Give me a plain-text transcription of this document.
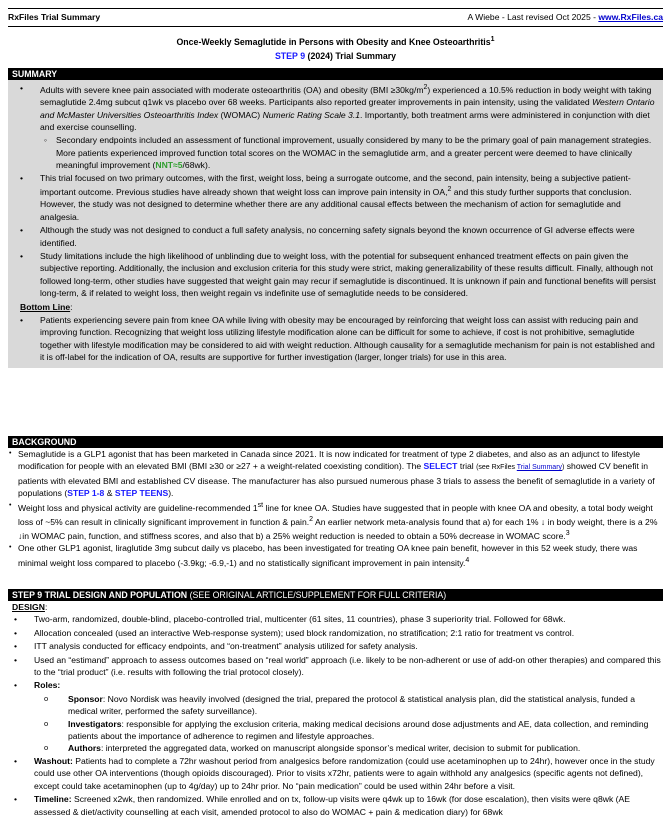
RxFiles Trial Summary	A Wiebe - Last revised Oct 2025 - www.RxFiles.ca
Once-Weekly Semaglutide in Persons with Obesity and Knee Osteoarthritis$^1$
STEP 9 (2024) Trial Summary
SUMMARY
• Adults with severe knee pain associated with moderate osteoarthritis (OA) and obesity $(BMI \ge 30kg/m^2)$ experienced a 10.5% reduction in body weight with taking semaglutide 2.4mg subcut q1wk vs placebo over 68 weeks. Participants also reported greater improvements in pain intensity, using the validated Western Ontario and McMaster Universities Osteoarthritis Index (WOMAC) Numeric Rating Scale 3.1. Importantly, both treatment arms were administered in conjunction with diet and exercise counselling.
◦ Secondary endpoints included an assessment of functional improvement, usually considered by many to be the primary goal of pain management strategies. More patients experienced improved function total scores on the WOMAC in the semaglutide arm, and a greater percent were deemed to have clinically meaningful improvement (NNT≈5/68wk).
• This trial focused on two primary outcomes, with the first, weight loss, being a surrogate outcome, and the second, pain intensity, being a subjective patient-important outcome. Previous studies have already shown that weight loss can improve pain intensity in OA,$^2$ and this study further supports that conclusion. However, the study was not designed to determine whether there are any additional causal effects between the mechanism of action for semaglutide and analgesia.
• Although the study was not designed to conduct a full safety analysis, no concerning safety signals beyond the known occurrence of GI adverse effects were identified.
• Study limitations include the high likelihood of unblinding due to weight loss, with the potential for subsequent enhanced treatment effects on pain given the subjective reporting. Additionally, the inclusion and exclusion criteria for this study were strict, making generalizability of these results difficult. Finally, although not followed long-term, other studies have suggested that weight gain may recur if semaglutide is discontinued. It is unknown if pain and functional benefits will persist long-term, & if related to weight loss, then weight regain vs indefinite use of semaglutide needs to be considered.
Bottom Line:
• Patients experiencing severe pain from knee OA while living with obesity may be encouraged by reinforcing that weight loss can assist with reducing pain and improving function. Recognizing that weight loss utilizing lifestyle modification alone can be difficult for some to achieve, if cost is not prohibitive, semaglutide together with lifestyle modification may be considered to aid with weight reduction. Although causality for a semaglutide mechanism for pain is not established and it is off-label for the indication of OA, results are supportive for further investigation (larger, longer trials) for use in this area.
BACKGROUND
• Semaglutide is a GLP1 agonist that has been marketed in Canada since 2021. It is now indicated for treatment of type 2 diabetes, and also as an adjunct to lifestyle modification for people with an elevated BMI (BMI ≥30 or ≥27 + a weight-related coexisting condition). The SELECT trial (see RxFiles Trial Summary) showed CV benefit in patients with elevated BMI and established CV disease. The manufacturer has also pursued numerous phase 3 trials to assess the benefit of semaglutide in a variety of populations (STEP 1-8 & STEP TEENS).
• Weight loss and physical activity are guideline-recommended 1st line for knee OA. Studies have suggested that in people with knee OA and obesity, a total body weight loss of ~5% can result in clinically significant improvement in function & pain.$^2$ An earlier network meta-analysis found that a) for each 1% ↓ in body weight, there is a 2% ↓in WOMAC pain, function, and stiffness scores, and also that b) a 25% weight reduction is needed to obtain a 50% decrease in WOMAC score.$^3$
• One other GLP1 agonist, liraglutide 3mg subcut daily vs placebo, has been investigated for treating OA knee pain benefit, however in this 52 week study, there was minimal weight loss compared to placebo (-3.9kg; -6.9,-1) and no statistically significant improvement in pain intensity.$^4$
STEP 9 TRIAL DESIGN AND POPULATION (SEE ORIGINAL ARTICLE/SUPPLEMENT FOR FULL CRITERIA)
DESIGN:
• Two-arm, randomized, double-blind, placebo-controlled trial, multicenter (61 sites, 11 countries), phase 3 superiority trial. Followed for 68wk.
• Allocation concealed (used an interactive Web-response system); used block randomization, no stratification; 2:1 ratio for treatment vs control.
• ITT analysis conducted for efficacy endpoints, and “on-treatment” analysis utilized for safety analysis.
• Used an “estimand” approach to assess outcomes based on “real world” approach (i.e. likely to be non-adherent or use of add-on other therapies) and compared this to the “trial product” (i.e. results with following the trial protocol closely).
• Roles:
o Sponsor: Novo Nordisk was heavily involved (designed the trial, prepared the protocol & statistical analysis plan, did the statistical analysis, funded a medical writer, performed the safety surveillance).
o Investigators: responsible for applying the exclusion criteria, making medical decisions around dose adjustments and AE, data collection, and reminding patients about the importance of adherence to regimen and lifestyle approaches.
o Authors: interpreted the aggregated data, worked on manuscript alongside sponsor’s medical writer, decision to submit for publication.
• Washout: Patients had to complete a 72hr washout period from analgesics before randomization (could use acetaminophen up to 24hr), however once in the study could use other OA interventions (though opioids discouraged). Prior to visits x72hr, patients were to again withhold any analgesics (specific agents not defined), except could take acetaminophen (up to 4g/day) up to 24hr prior. No “pain medication” could be used within 24hr before a visit.
• Timeline: Screened x2wk, then randomized. While enrolled and on tx, follow-up visits were q4wk up to 16wk (for dose escalation), then visits were q8wk (AE assessed & diet/activity counselling at each visit, amended protocol to also do WOMAC + pain & medication diary) for 68wk
